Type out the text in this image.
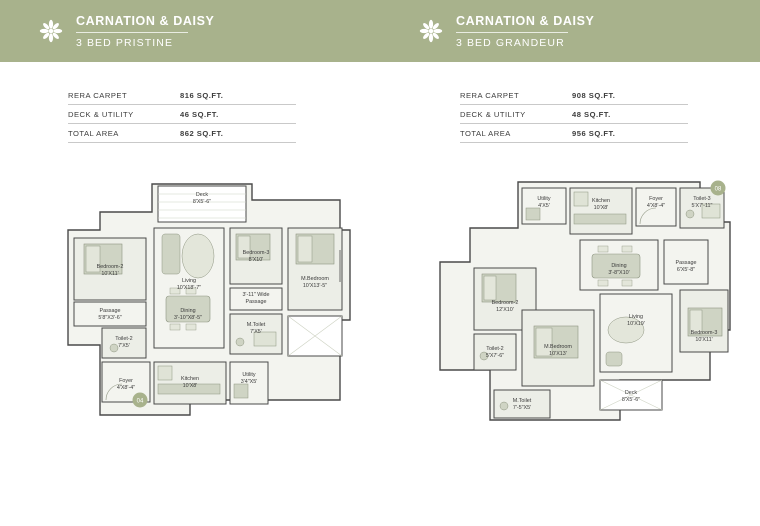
CARNATION & DAISY
3 BED PRISTINE
CARNATION & DAISY
3 BED GRANDEUR
RERA CARPET	816 SQ.FT.
DECK & UTILITY	46 SQ.FT.
TOTAL AREA	862 SQ.FT.
RERA CARPET	908 SQ.FT.
DECK & UTILITY	48 SQ.FT.
TOTAL AREA	956 SQ.FT.
04
Deck
8'X5'-6"
Bedroom-2
10'X11'
Bedroom-3
8'X10'
Living
10'X18'-7"
M.Bedroom
10'X13'-5"
Passage
5'8"X3'-6"
3'-11" Wide
Passage
Dining
3'-10"X8'-5"
M.Toilet
7'X5'
Toilet-2
7'X5'
Foyer
4'X8'-4"
Kitchen
10'X8'
Utility
3'4"X5'
08
Utility
4'X5'
Kitchen
10'X8'
Foyer
4'X8'-4"
Toilet-3
5'X7'-11"
Dining
3'-8"X10'
Passage
6'X5'-8"
Bedroom-2
12'X10'
Living
10'X19'
Bedroom-3
10'X11'
Toilet-2
5'X7'-6"
M.Bedroom
10'X13'
M.Toilet
7'-5"X5'
Deck
8'X5'-6"
